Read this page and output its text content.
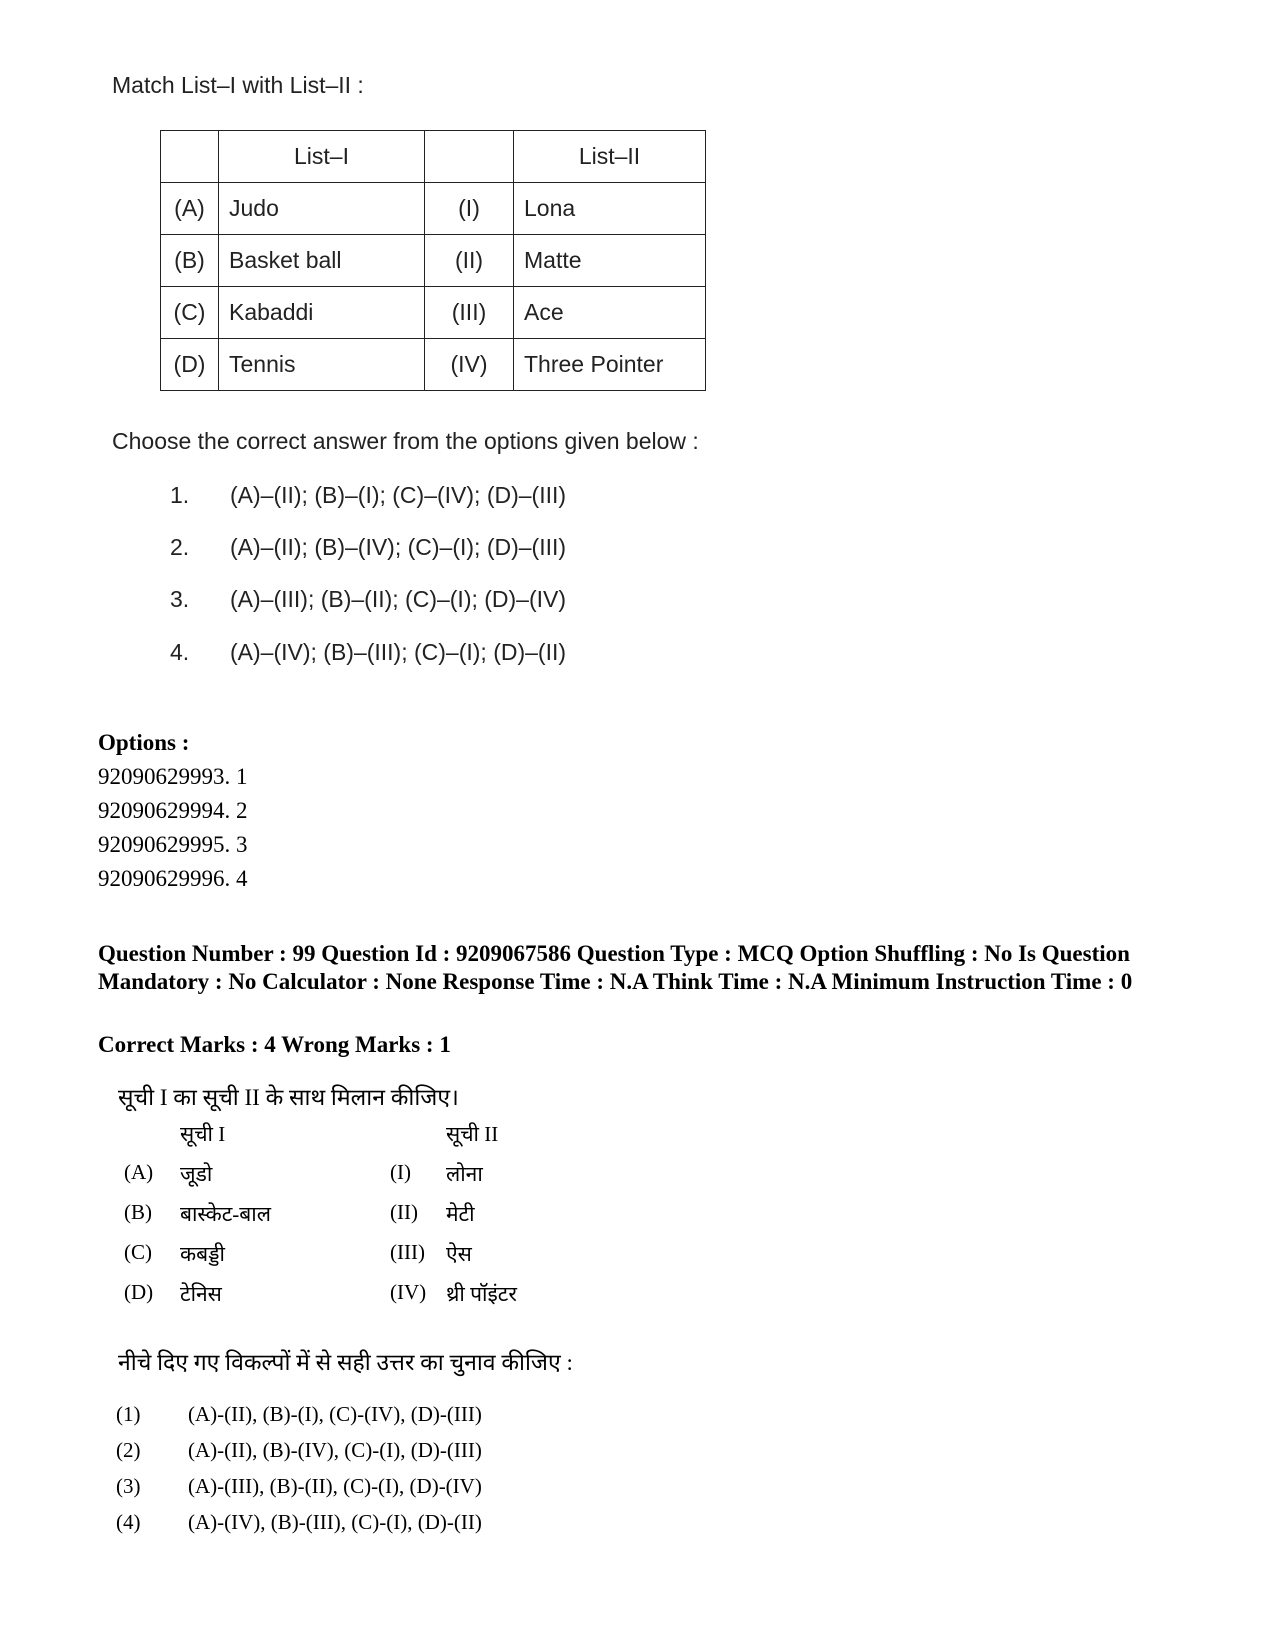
Match List–I with List–II :
	List–I		List–II
(A)	Judo	(I)	Lona
(B)	Basket ball	(II)	Matte
(C)	Kabaddi	(III)	Ace
(D)	Tennis	(IV)	Three Pointer
Choose the correct answer from the options given below :
1.	(A)–(II); (B)–(I); (C)–(IV); (D)–(III)
2.	(A)–(II); (B)–(IV); (C)–(I); (D)–(III)
3.	(A)–(III); (B)–(II); (C)–(I); (D)–(IV)
4.	(A)–(IV); (B)–(III); (C)–(I); (D)–(II)
Options :
92090629993. 1
92090629994. 2
92090629995. 3
92090629996. 4
Question Number : 99 Question Id : 9209067586 Question Type : MCQ Option Shuffling : No Is Question Mandatory : No Calculator : None Response Time : N.A Think Time : N.A Minimum Instruction Time : 0
Correct Marks : 4 Wrong Marks : 1
सूची I का सूची II के साथ मिलान कीजिए।
सूची I	सूची II
(A) जूडो	(I) लोना
(B) बास्केट-बाल	(II) मेटी
(C) कबड्डी	(III) ऐस
(D) टेनिस	(IV) थ्री पॉइंटर
नीचे दिए गए विकल्पों में से सही उत्तर का चुनाव कीजिए :
(1)	(A)-(II), (B)-(I), (C)-(IV), (D)-(III)
(2)	(A)-(II), (B)-(IV), (C)-(I), (D)-(III)
(3)	(A)-(III), (B)-(II), (C)-(I), (D)-(IV)
(4)	(A)-(IV), (B)-(III), (C)-(I), (D)-(II)
